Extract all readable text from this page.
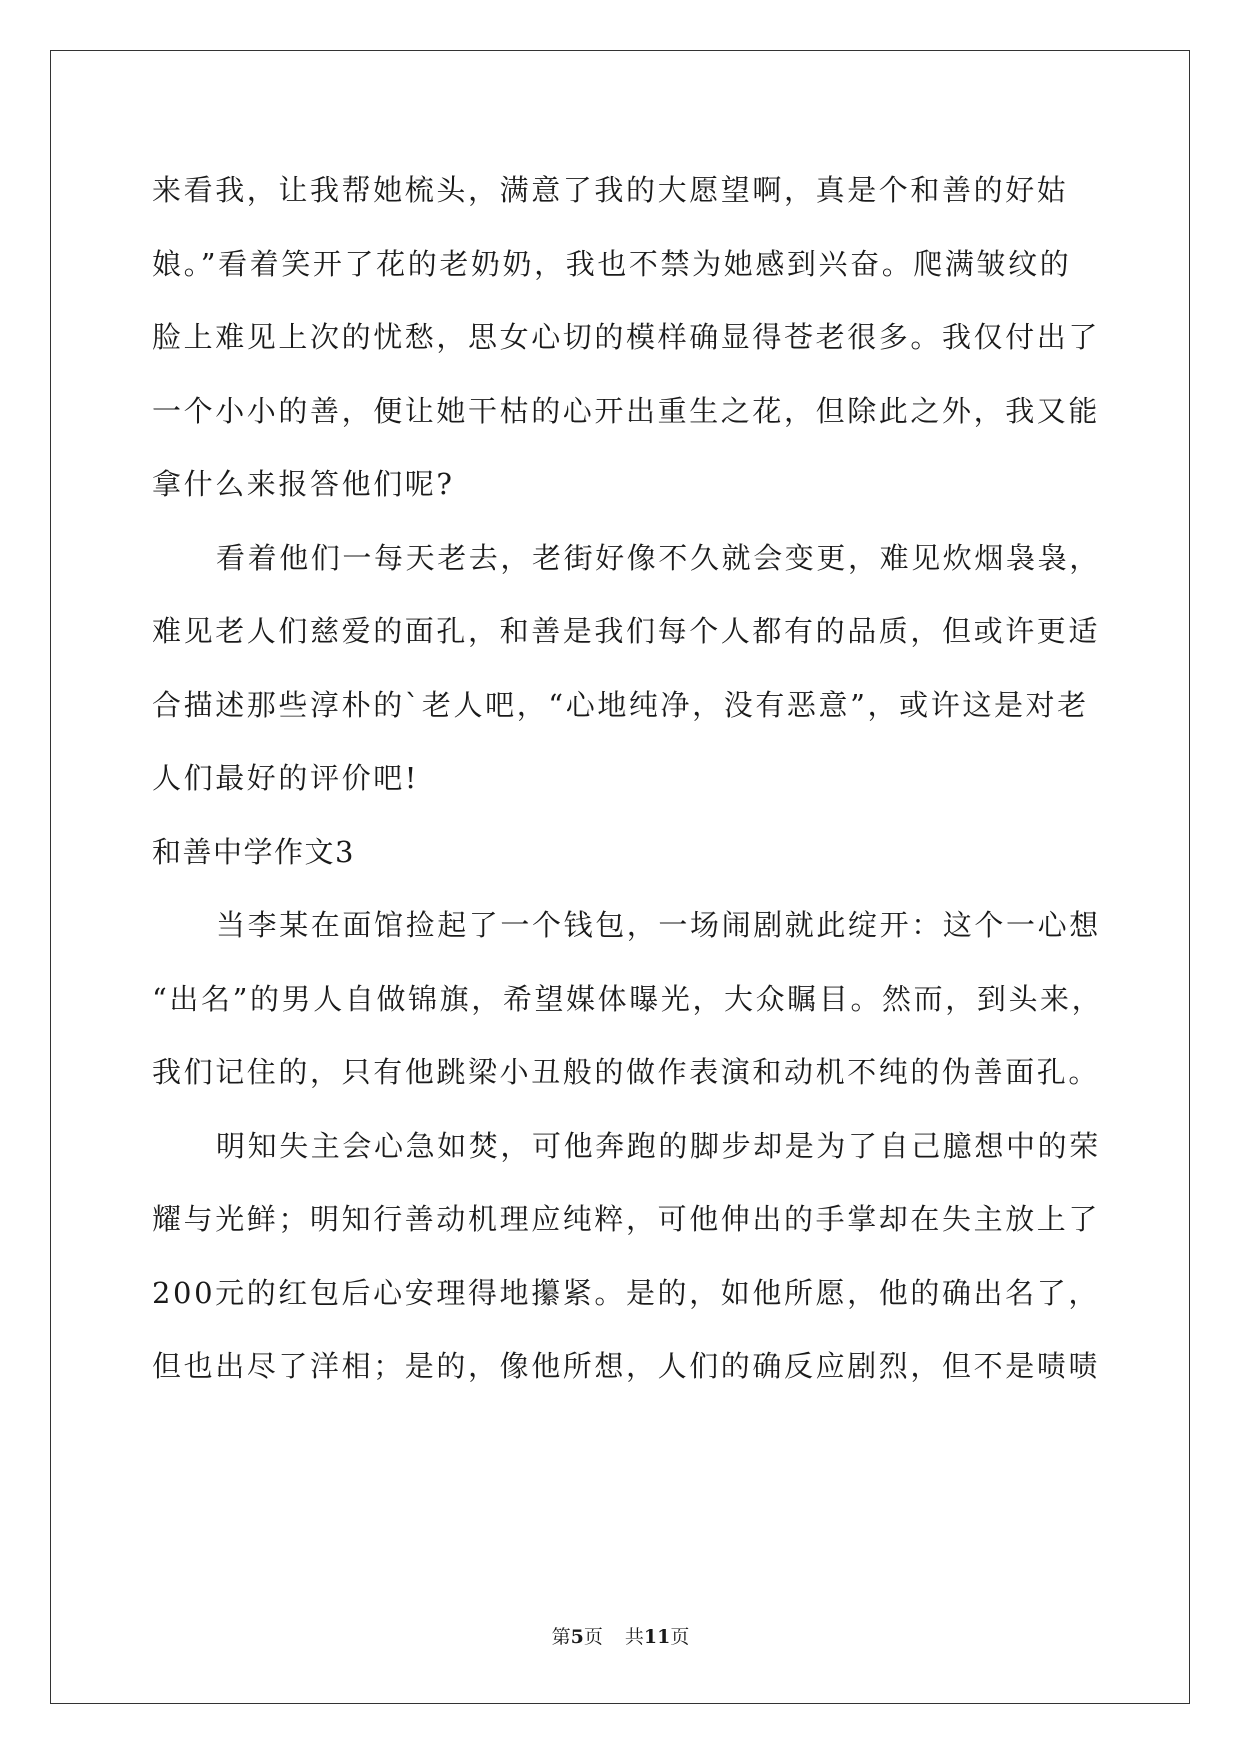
来看我，让我帮她梳头，满意了我的大愿望啊，真是个和善的好姑
娘。”看着笑开了花的老奶奶，我也不禁为她感到兴奋。爬满皱纹的
脸上难见上次的忧愁，思女心切的模样确显得苍老很多。我仅付出了
一个小小的善，便让她干枯的心开出重生之花，但除此之外，我又能
拿什么来报答他们呢?
看着他们一每天老去，老街好像不久就会变更，难见炊烟袅袅，
难见老人们慈爱的面孔，和善是我们每个人都有的品质，但或许更适
合描述那些淳朴的`老人吧，“心地纯净，没有恶意”，或许这是对老
人们最好的评价吧!
和善中学作文3
当李某在面馆捡起了一个钱包，一场闹剧就此绽开：这个一心想
“出名”的男人自做锦旗，希望媒体曝光，大众瞩目。然而，到头来，
我们记住的，只有他跳梁小丑般的做作表演和动机不纯的伪善面孔。
明知失主会心急如焚，可他奔跑的脚步却是为了自己臆想中的荣
耀与光鲜；明知行善动机理应纯粹，可他伸出的手掌却在失主放上了
200元的红包后心安理得地攥紧。是的，如他所愿，他的确出名了，
但也出尽了洋相；是的，像他所想，人们的确反应剧烈，但不是啧啧
第5页 共11页
